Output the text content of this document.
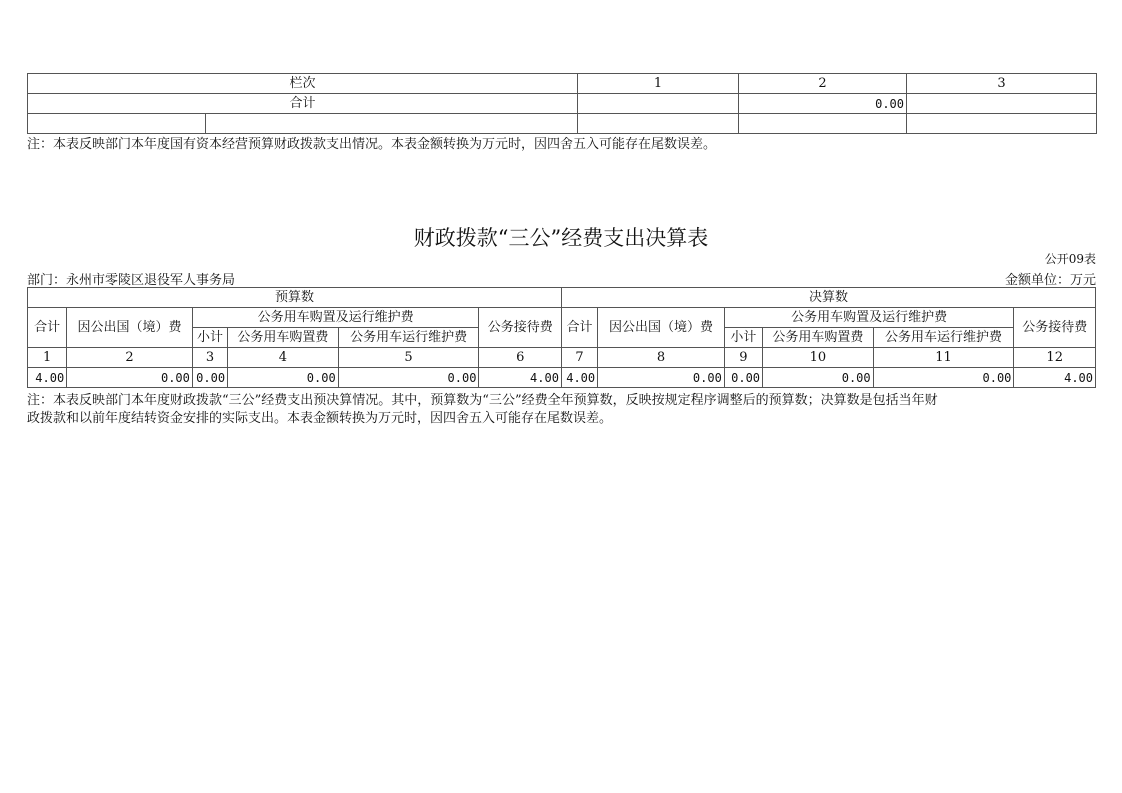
栏次		1	2	3
合计			0.00	

注：本表反映部门本年度国有资本经营预算财政拨款支出情况。本表金额转换为万元时，因四舍五入可能存在尾数误差。
财政拨款“三公”经费支出决算表
公开09表
部门：永州市零陵区退役军人事务局	金额单位：万元
预算数						决算数					
合计	因公出国（境）费	公务用车购置及运行维护费			公务接待费	合计	因公出国（境）费	公务用车购置及运行维护费			公务接待费
		小计	公务用车购置费	公务用车运行维护费				小计	公务用车购置费	公务用车运行维护费	
1	2	3	4	5	6	7	8	9	10	11	12
4.00	0.00	0.00	0.00	0.00	4.00	4.00	0.00	0.00	0.00	0.00	4.00
注：本表反映部门本年度财政拨款“三公”经费支出预决算情况。其中，预算数为“三公”经费全年预算数，反映按规定程序调整后的预算数；决算数是包括当年财
政拨款和以前年度结转资金安排的实际支出。本表金额转换为万元时，因四舍五入可能存在尾数误差。
